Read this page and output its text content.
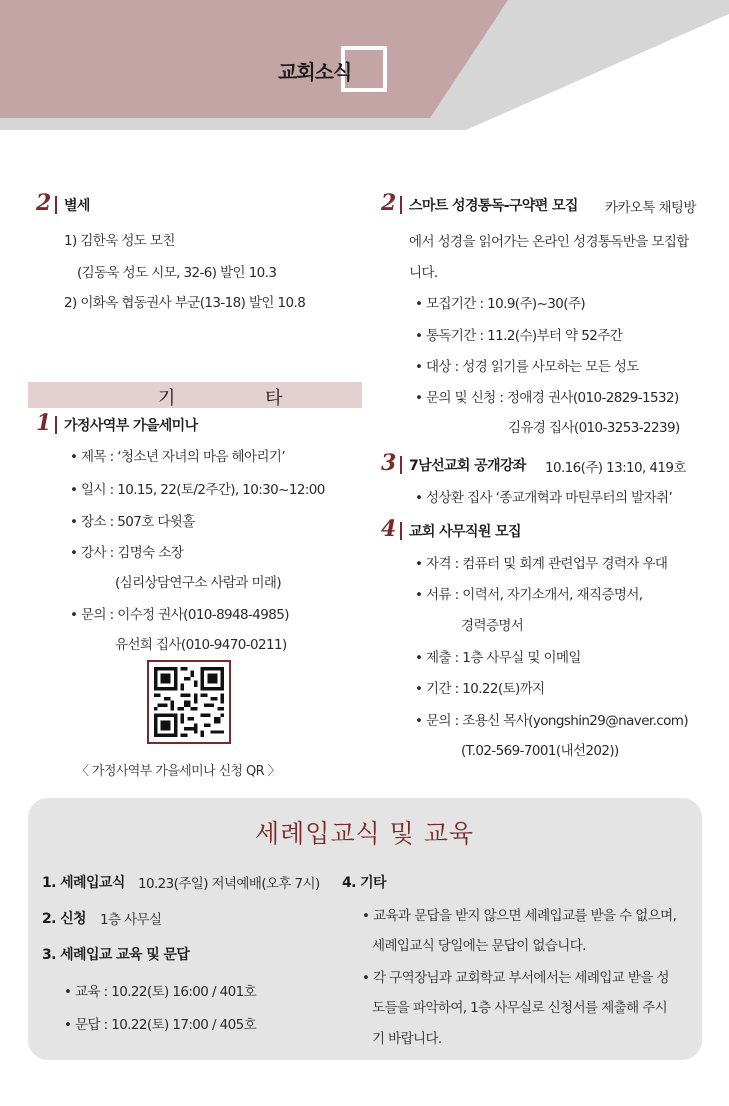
교회소식
2 별세
1) 김한욱 성도 모친
(김동욱 성도 시모, 32-6) 발인 10.3
2) 이화옥 협동권사 부군(13-18) 발인 10.8
기 타
1 가정사역부 가을세미나
• 제목 : ‘청소년 자녀의 마음 헤아리기’
• 일시 : 10.15, 22(토/2주간), 10:30~12:00
• 장소 : 507호 다윗홀
• 강사 : 김명숙 소장
(심리상담연구소 사람과 미래)
• 문의 : 이수정 권사(010-8948-4985)
유선희 집사(010-9470-0211)
〈 가정사역부 가을세미나 신청 QR 〉
2 스마트 성경통독-구약편 모집 카카오톡 채팅방
에서 성경을 읽어가는 온라인 성경통독반을 모집합
니다.
• 모집기간 : 10.9(주)~30(주)
• 통독기간 : 11.2(수)부터 약 52주간
• 대상 : 성경 읽기를 사모하는 모든 성도
• 문의 및 신청 : 정애경 권사(010-2829-1532)
김유경 집사(010-3253-2239)
3 7남선교회 공개강좌 10.16(주) 13:10, 419호
• 성상환 집사 ‘종교개혁과 마틴루터의 발자취’
4 교회 사무직원 모집
• 자격 : 컴퓨터 및 회계 관련업무 경력자 우대
• 서류 : 이력서, 자기소개서, 재직증명서,
경력증명서
• 제출 : 1층 사무실 및 이메일
• 기간 : 10.22(토)까지
• 문의 : 조용신 목사(yongshin29@naver.com)
(T.02-569-7001(내선202))
세례입교식 및 교육
1. 세례입교식 10.23(주일) 저녁예배(오후 7시)
2. 신청 1층 사무실
3. 세례입교 교육 및 문답
• 교육 : 10.22(토) 16:00 / 401호
• 문답 : 10.22(토) 17:00 / 405호
4. 기타
• 교육과 문답을 받지 않으면 세례입교를 받을 수 없으며,
세례입교식 당일에는 문답이 없습니다.
• 각 구역장님과 교회학교 부서에서는 세례입교 받을 성
도들을 파악하여, 1층 사무실로 신청서를 제출해 주시
기 바랍니다.
